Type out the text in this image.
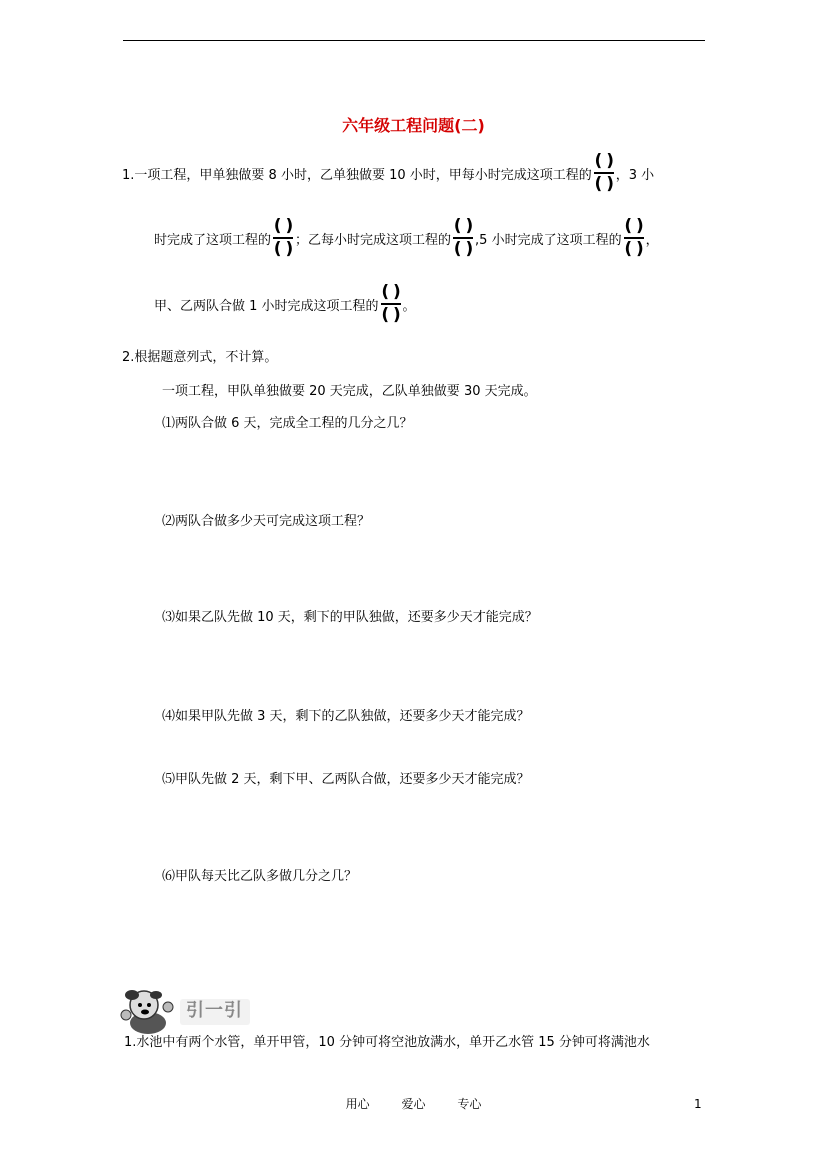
六年级工程问题(二)
1.一项工程，甲单独做要 8 小时，乙单独做要 10 小时，甲每小时完成这项工程的 $\frac{( )}{( )}$ ，3 小
时完成了这项工程的 $\frac{( )}{( )}$ ；乙每小时完成这项工程的 $\frac{( )}{( )} ,5$ 小时完成了这项工程的 $\frac{( )}{( )}$ ，
甲、乙两队合做 1 小时完成这项工程的 $\frac{( )}{( )}$ 。
2.根据题意列式，不计算。
一项工程，甲队单独做要 20 天完成，乙队单独做要 30 天完成。
⑴两队合做 6 天，完成全工程的几分之几？
⑵两队合做多少天可完成这项工程？
⑶如果乙队先做 10 天，剩下的甲队独做，还要多少天才能完成？
⑷如果甲队先做 3 天，剩下的乙队独做，还要多少天才能完成？
⑸甲队先做 2 天，剩下甲、乙两队合做，还要多少天才能完成？
⑹甲队每天比乙队多做几分之几？
引一引
1.水池中有两个水管，单开甲管，10 分钟可将空池放满水，单开乙水管 15 分钟可将满池水
用心	爱心	专心	1
